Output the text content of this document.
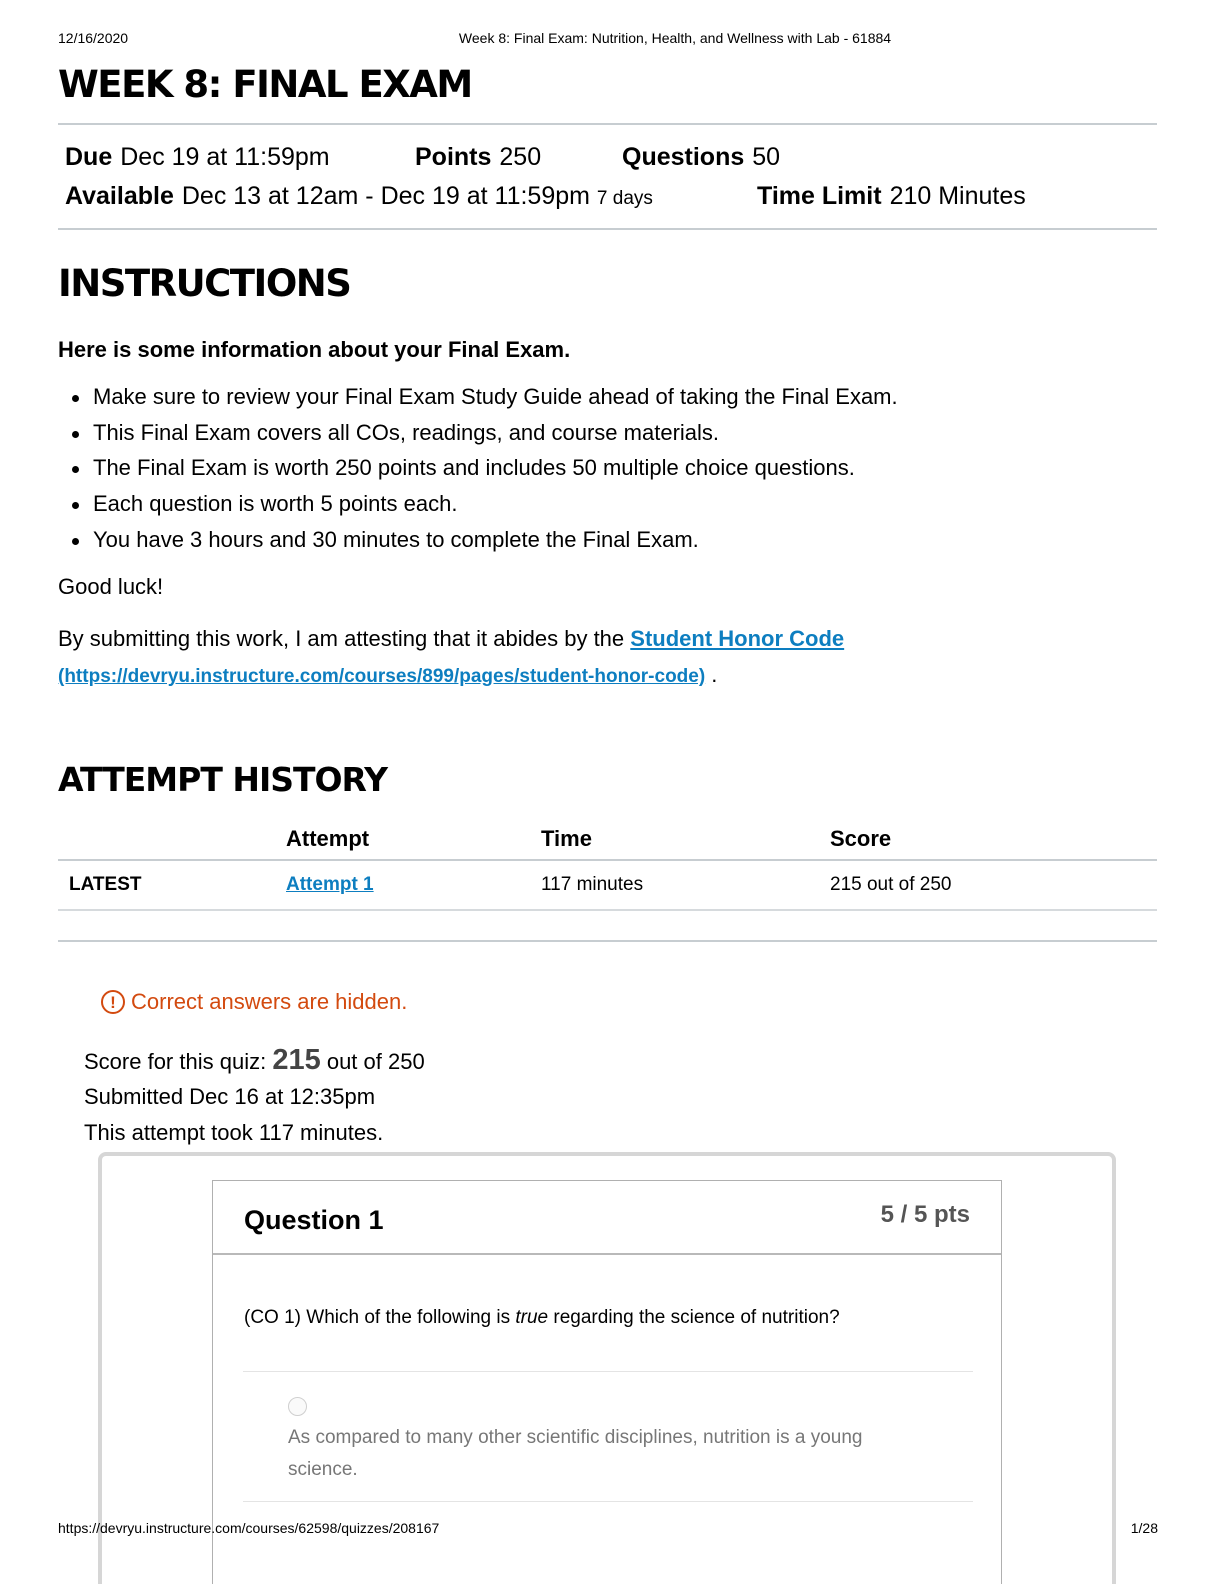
12/16/2020	Week 8: Final Exam: Nutrition, Health, and Wellness with Lab - 61884
WEEK 8: FINAL EXAM
Due Dec 19 at 11:59pm	Points 250	Questions 50
Available Dec 13 at 12am - Dec 19 at 11:59pm 7 days	Time Limit 210 Minutes
INSTRUCTIONS
Here is some information about your Final Exam.
Make sure to review your Final Exam Study Guide ahead of taking the Final Exam.
This Final Exam covers all COs, readings, and course materials.
The Final Exam is worth 250 points and includes 50 multiple choice questions.
Each question is worth 5 points each.
You have 3 hours and 30 minutes to complete the Final Exam.
Good luck!
By submitting this work, I am attesting that it abides by the Student Honor Code
(https://devryu.instructure.com/courses/899/pages/student-honor-code) .
ATTEMPT HISTORY
	Attempt	Time	Score
LATEST	Attempt 1	117 minutes	215 out of 250
! Correct answers are hidden.
Score for this quiz: 215 out of 250
Submitted Dec 16 at 12:35pm
This attempt took 117 minutes.
Question 1	5 / 5 pts
(CO 1) Which of the following is true regarding the science of nutrition?
As compared to many other scientific disciplines, nutrition is a young science.
https://devryu.instructure.com/courses/62598/quizzes/208167	1/28
